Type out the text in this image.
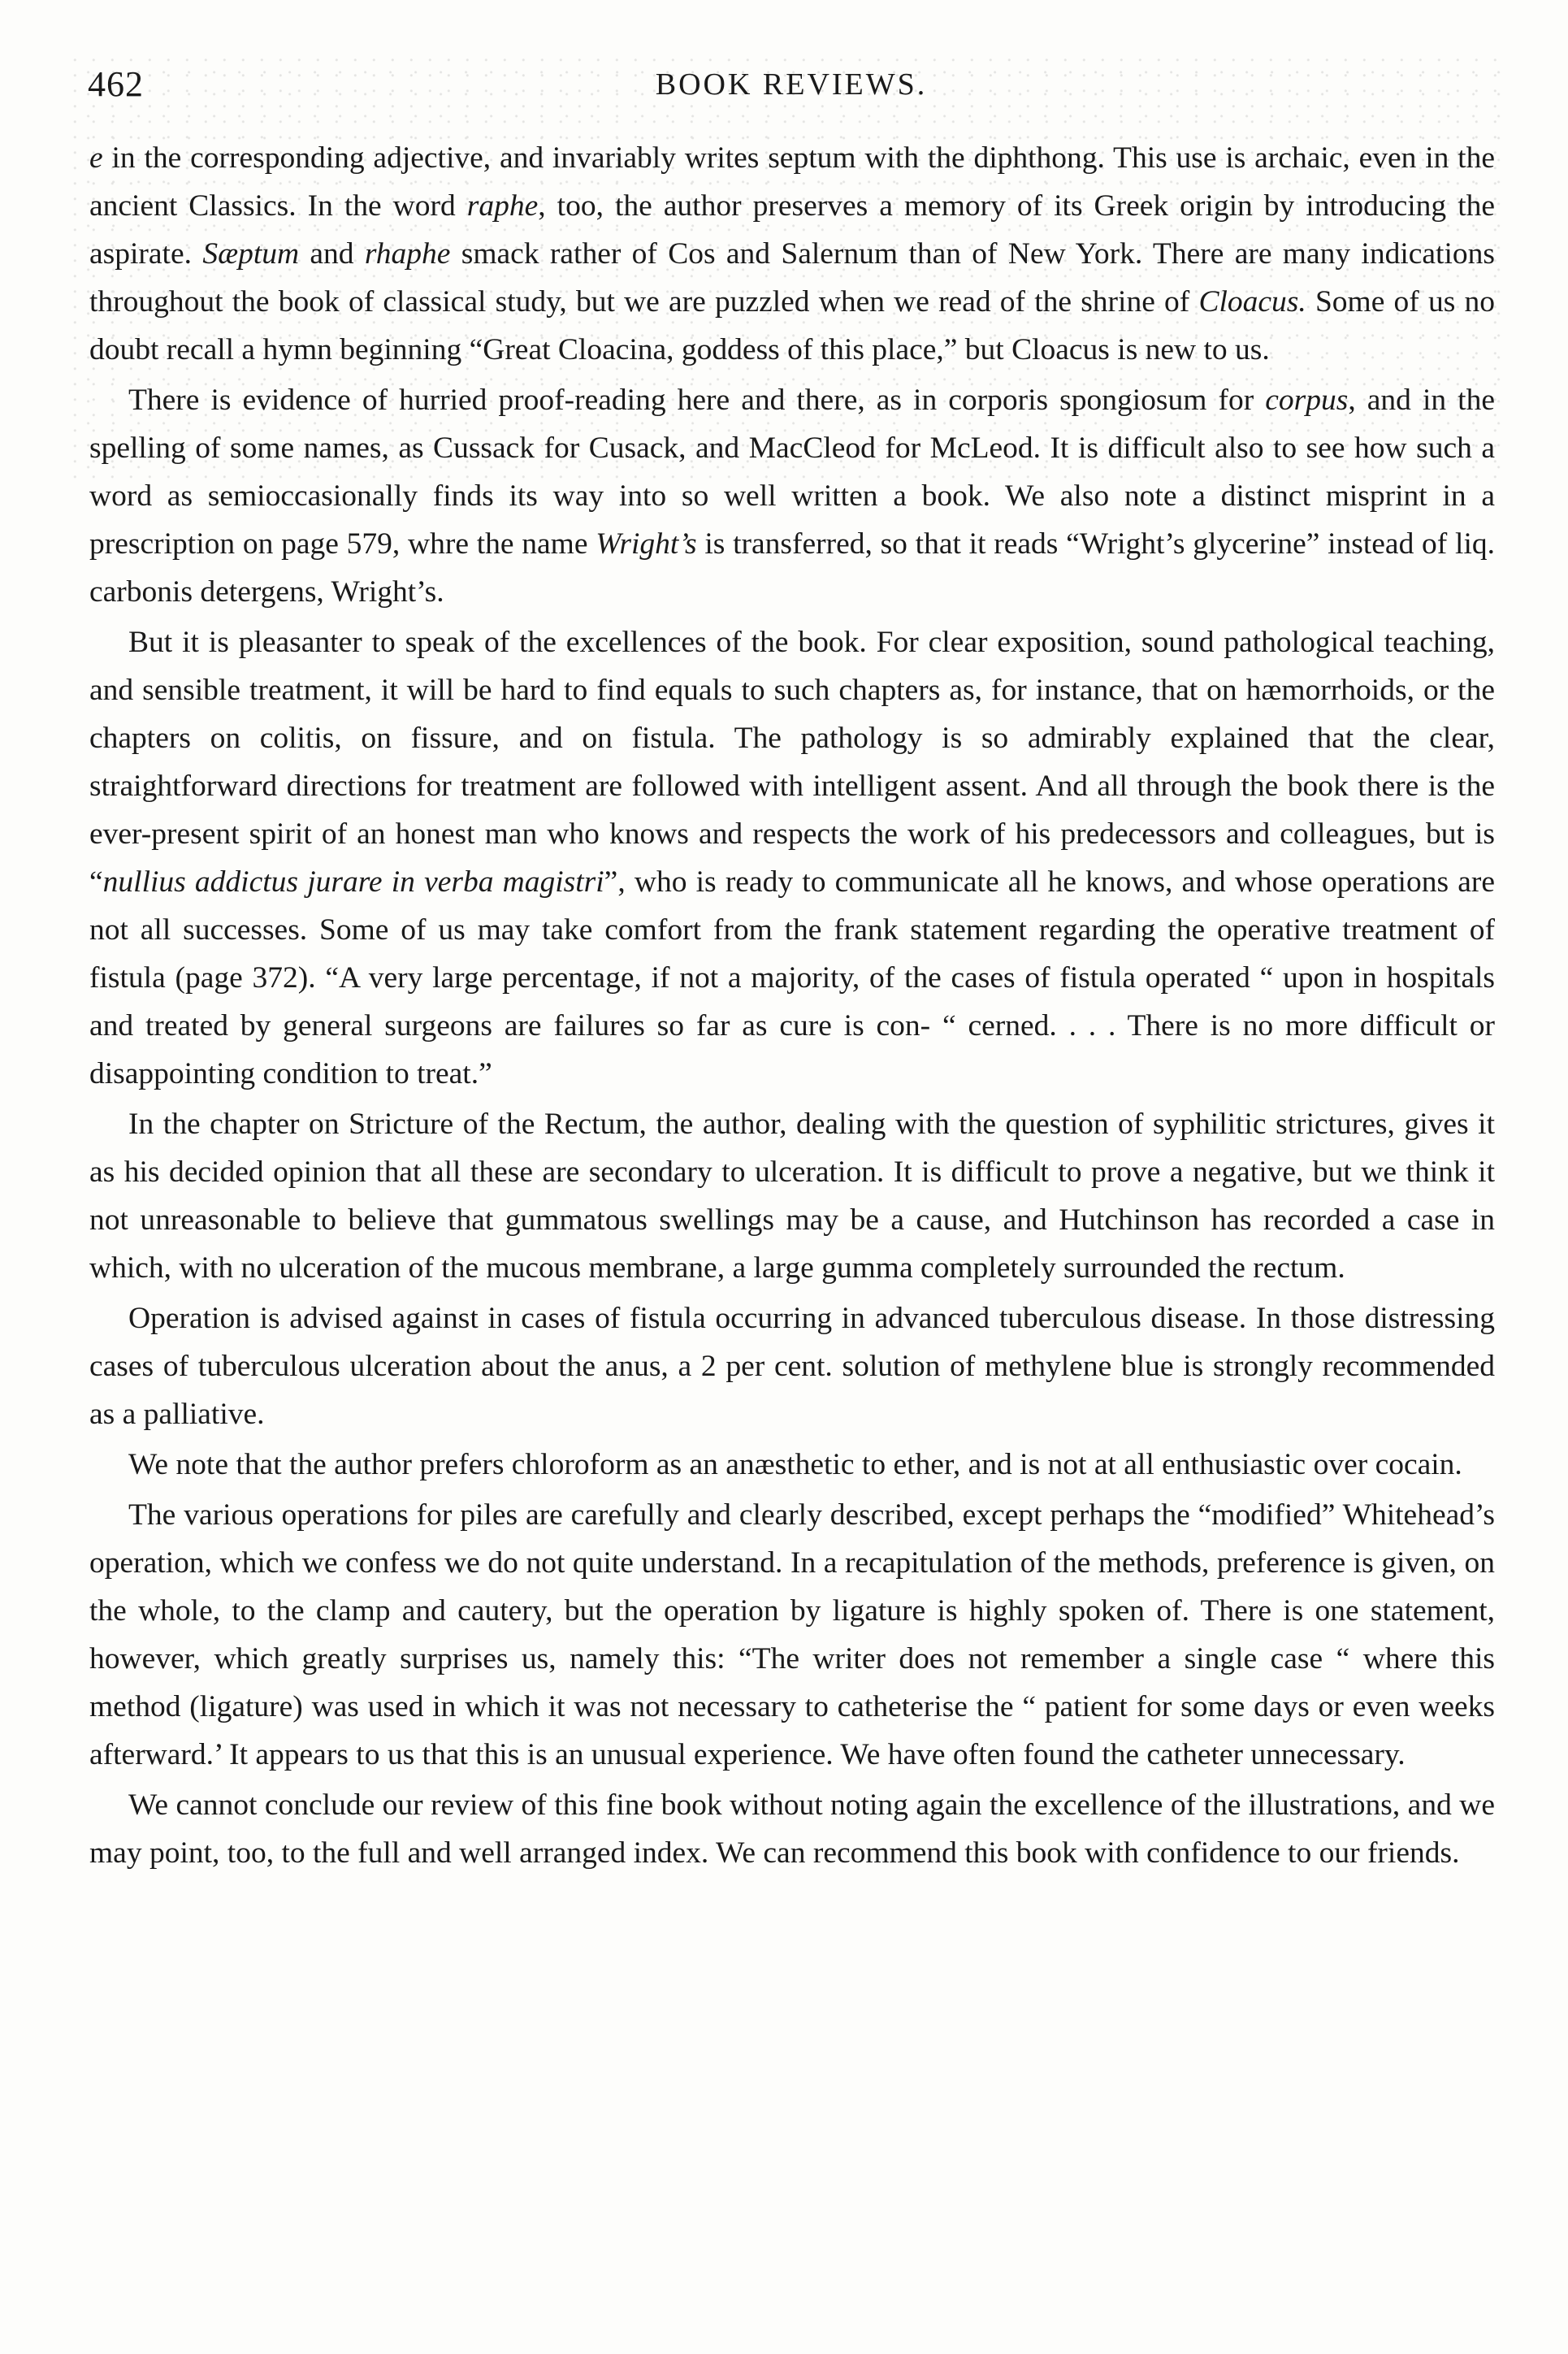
462	BOOK REVIEWS.

e in the corresponding adjective, and invariably writes septum with the diphthong. This use is archaic, even in the ancient Classics. In the word raphe, too, the author preserves a memory of its Greek origin by introducing the aspirate. Sæptum and rhaphe smack rather of Cos and Salernum than of New York. There are many indications throughout the book of classical study, but we are puzzled when we read of the shrine of Cloacus. Some of us no doubt recall a hymn beginning “Great Cloacina, goddess of this place,” but Cloacus is new to us.

There is evidence of hurried proof-reading here and there, as in corporis spongiosum for corpus, and in the spelling of some names, as Cussack for Cusack, and MacCleod for McLeod. It is difficult also to see how such a word as semioccasionally finds its way into so well written a book. We also note a distinct misprint in a prescription on page 579, whre the name Wright’s is transferred, so that it reads “Wright’s glycerine” instead of liq. carbonis detergens, Wright’s.

But it is pleasanter to speak of the excellences of the book. For clear exposition, sound pathological teaching, and sensible treatment, it will be hard to find equals to such chapters as, for instance, that on hæmorrhoids, or the chapters on colitis, on fissure, and on fistula. The pathology is so admirably explained that the clear, straightforward directions for treatment are followed with intelligent assent. And all through the book there is the ever-present spirit of an honest man who knows and respects the work of his predecessors and colleagues, but is “nullius addictus jurare in verba magistri”, who is ready to communicate all he knows, and whose operations are not all successes. Some of us may take comfort from the frank statement regarding the operative treatment of fistula (page 372). “A very large percentage, if not a majority, of the cases of fistula operated “ upon in hospitals and treated by general surgeons are failures so far as cure is con- “ cerned. . . . There is no more difficult or disappointing condition to treat.”

In the chapter on Stricture of the Rectum, the author, dealing with the question of syphilitic strictures, gives it as his decided opinion that all these are secondary to ulceration. It is difficult to prove a negative, but we think it not unreasonable to believe that gummatous swellings may be a cause, and Hutchinson has recorded a case in which, with no ulceration of the mucous membrane, a large gumma completely surrounded the rectum.

Operation is advised against in cases of fistula occurring in advanced tuberculous disease. In those distressing cases of tuberculous ulceration about the anus, a 2 per cent. solution of methylene blue is strongly recommended as a palliative.

We note that the author prefers chloroform as an anæsthetic to ether, and is not at all enthusiastic over cocain.

The various operations for piles are carefully and clearly described, except perhaps the “modified” Whitehead’s operation, which we confess we do not quite understand. In a recapitulation of the methods, preference is given, on the whole, to the clamp and cautery, but the operation by ligature is highly spoken of. There is one statement, however, which greatly surprises us, namely this: “The writer does not remember a single case “ where this method (ligature) was used in which it was not necessary to catheterise the “ patient for some days or even weeks afterward.’ It appears to us that this is an unusual experience. We have often found the catheter unnecessary.

We cannot conclude our review of this fine book without noting again the excellence of the illustrations, and we may point, too, to the full and well arranged index. We can recommend this book with confidence to our friends.
